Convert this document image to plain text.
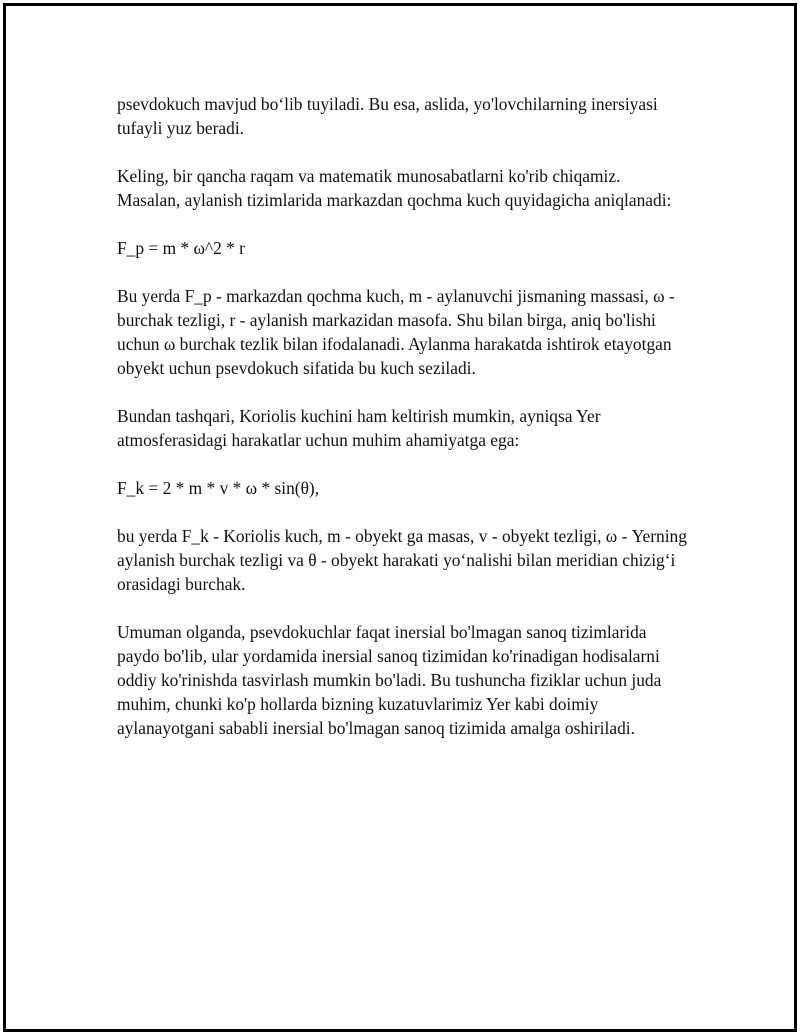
psevdokuch mavjud bo‘lib tuyiladi. Bu esa, aslida, yo'lovchilarning inersiyasi tufayli yuz beradi.

Keling, bir qancha raqam va matematik munosabatlarni ko'rib chiqamiz. Masalan, aylanish tizimlarida markazdan qochma kuch quyidagicha aniqlanadi:

F_p = m * ω^2 * r

Bu yerda F_p - markazdan qochma kuch, m - aylanuvchi jismaning massasi, ω - burchak tezligi, r - aylanish markazidan masofa. Shu bilan birga, aniq bo'lishi uchun ω burchak tezlik bilan ifodalanadi. Aylanma harakatda ishtirok etayotgan obyekt uchun psevdokuch sifatida bu kuch seziladi.

Bundan tashqari, Koriolis kuchini ham keltirish mumkin, ayniqsa Yer atmosferasidagi harakatlar uchun muhim ahamiyatga ega:

F_k = 2 * m * v * ω * sin(θ),

bu yerda F_k - Koriolis kuch, m - obyekt ga masas, v - obyekt tezligi, ω - Yerning aylanish burchak tezligi va θ - obyekt harakati yo‘nalishi bilan meridian chizig‘i orasidagi burchak.

Umuman olganda, psevdokuchlar faqat inersial bo'lmagan sanoq tizimlarida paydo bo'lib, ular yordamida inersial sanoq tizimidan ko'rinadigan hodisalarni oddiy ko'rinishda tasvirlash mumkin bo'ladi. Bu tushuncha fiziklar uchun juda muhim, chunki ko'p hollarda bizning kuzatuvlarimiz Yer kabi doimiy aylanayotgani sababli inersial bo'lmagan sanoq tizimida amalga oshiriladi.
